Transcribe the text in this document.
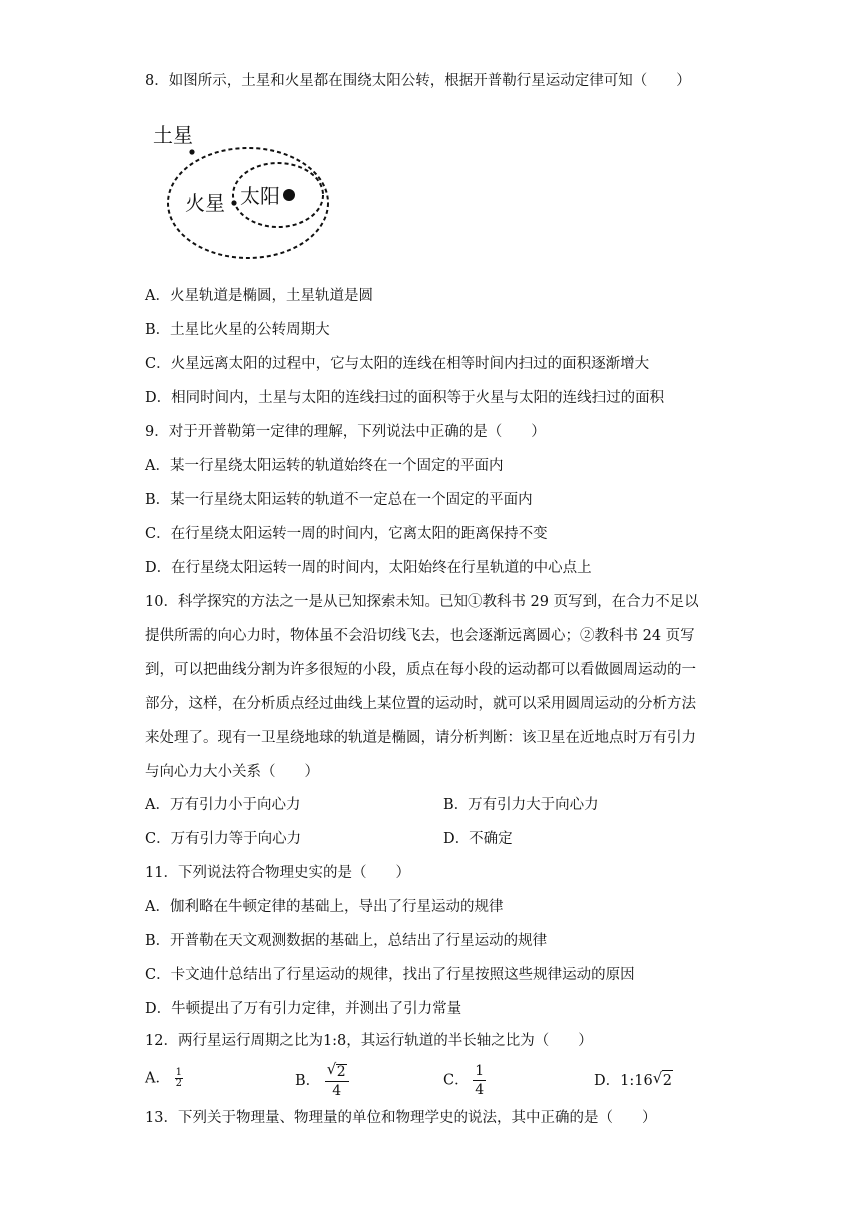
8．如图所示，土星和火星都在围绕太阳公转，根据开普勒行星运动定律可知（　　）
土星
火星 太阳
A．火星轨道是椭圆，土星轨道是圆
B．土星比火星的公转周期大
C．火星远离太阳的过程中，它与太阳的连线在相等时间内扫过的面积逐渐增大
D．相同时间内，土星与太阳的连线扫过的面积等于火星与太阳的连线扫过的面积
9．对于开普勒第一定律的理解，下列说法中正确的是（　　）
A．某一行星绕太阳运转的轨道始终在一个固定的平面内
B．某一行星绕太阳运转的轨道不一定总在一个固定的平面内
C．在行星绕太阳运转一周的时间内，它离太阳的距离保持不变
D．在行星绕太阳运转一周的时间内，太阳始终在行星轨道的中心点上
10．科学探究的方法之一是从已知探索未知。已知①教科书 29 页写到，在合力不足以
提供所需的向心力时，物体虽不会沿切线飞去，也会逐渐远离圆心；②教科书 24 页写
到，可以把曲线分割为许多很短的小段，质点在每小段的运动都可以看做圆周运动的一
部分，这样，在分析质点经过曲线上某位置的运动时，就可以采用圆周运动的分析方法
来处理了。现有一卫星绕地球的轨道是椭圆，请分析判断：该卫星在近地点时万有引力
与向心力大小关系（　　）
A．万有引力小于向心力	B．万有引力大于向心力
C．万有引力等于向心力	D．不确定
11．下列说法符合物理史实的是（　　）
A．伽利略在牛顿定律的基础上，导出了行星运动的规律
B．开普勒在天文观测数据的基础上，总结出了行星运动的规律
C．卡文迪什总结出了行星运动的规律，找出了行星按照这些规律运动的原因
D．牛顿提出了万有引力定律，并测出了引力常量
12．两行星运行周期之比为1:8，其运行轨道的半长轴之比为（　　）
A． $\frac{1}{2}$	B． $\frac{√ 2}{4}$	C． $\frac{1}{4}$	D．1:16 √ 2
13．下列关于物理量、物理量的单位和物理学史的说法，其中正确的是（　　）
